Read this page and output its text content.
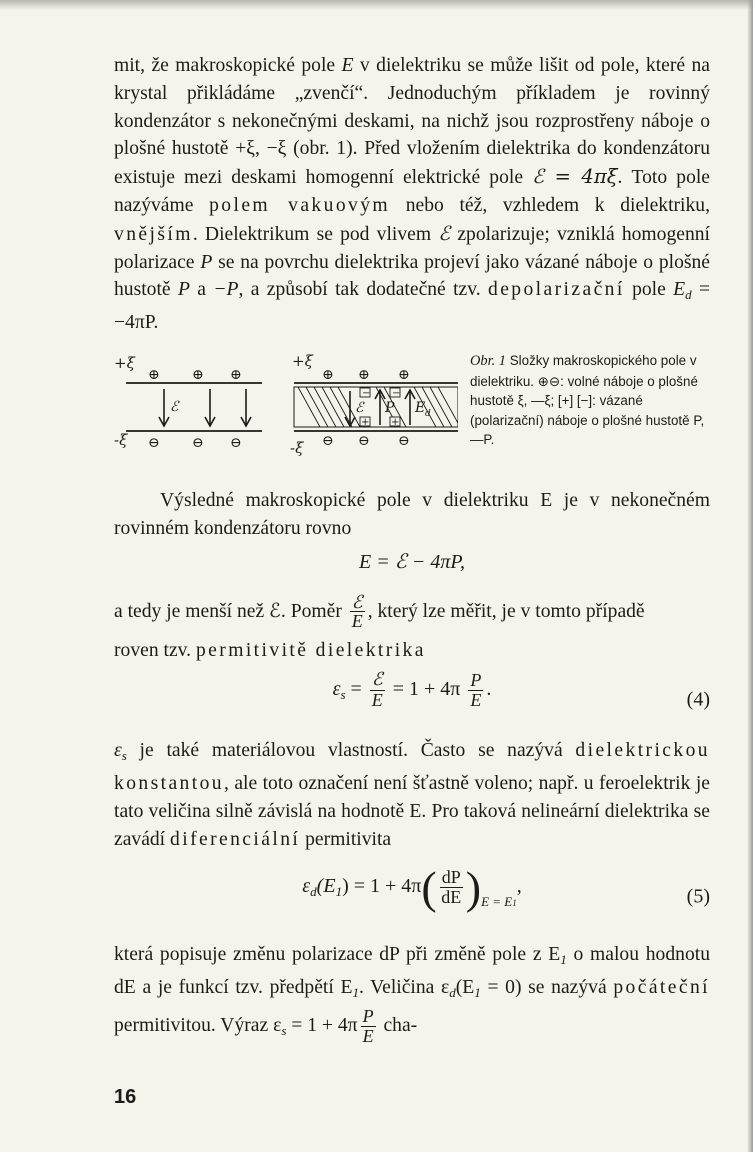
mit, že makroskopické pole E v dielektriku se může lišit od pole, které na krystal přikládáme „zvenčí“. Jednoduchým příkladem je rovinný kondenzátor s nekonečnými deskami, na nichž jsou rozprostřeny náboje o plošné hustotě +ξ, −ξ (obr. 1). Před vložením dielektrika do kondenzátoru existuje mezi deskami homogenní elektrické pole ℰ = 4πξ. Toto pole nazýváme polem vakuovým nebo též, vzhledem k dielektriku, vnějším. Dielektrikum se pod vlivem ℰ zpolarizuje; vzniklá homogenní polarizace P se na povrchu dielektrika projeví jako vázané náboje o plošné hustotě P a −P, a způsobí tak dodatečné tzv. depolarizační pole $E_d = -4\pi P$.

+ξ
⊕ ⊕ ⊕
⊖ ⊖ ⊖
-ξ
ℰ
+ξ
⊕ ⊕ ⊕
− −
+ +
ℰ P E d
⊖ ⊖ ⊖
-ξ
Obr. 1 Složky makroskopického pole v dielektriku. ⊕⊖: volné náboje o plošné hustotě ξ, —ξ; [+] [−]: vázané (polarizační) náboje o plošné hustotě P, —P.

Výsledné makroskopické pole v dielektriku E je v nekonečném rovinném kondenzátoru rovno

E = ℰ − 4πP,

a tedy je menší než ℰ. Poměr $\frac{\text{ℰ}}{E}$ , který lze měřit, je v tomto případě

roven tzv. permitivitě dielektrika

$\varepsilon_s = \frac{\text{ℰ}}{E} = 1 + 4\pi \frac{P}{E}$ .	(4)

$\varepsilon_s$ je také materiálovou vlastností. Často se nazývá dielektrickou konstantou, ale toto označení není šťastně voleno; např. u feroelektrik je tato veličina silně závislá na hodnotě E. Pro taková nelineární dielektrika se zavádí diferenciální permitivita

$\varepsilon_d(E_1) = 1 + 4\pi( \frac{dP}{dE} )_{E = E1}$,	(5)

která popisuje změnu polarizace dP při změně pole z $E_1$ o malou hodnotu dE a je funkcí tzv. předpětí $E_1$. Veličina $\varepsilon_d(E_1 = 0)$ se nazývá počáteční permitivitou. Výraz $\varepsilon_s = 1 + 4\pi \frac{P}{E} cha-$

16
